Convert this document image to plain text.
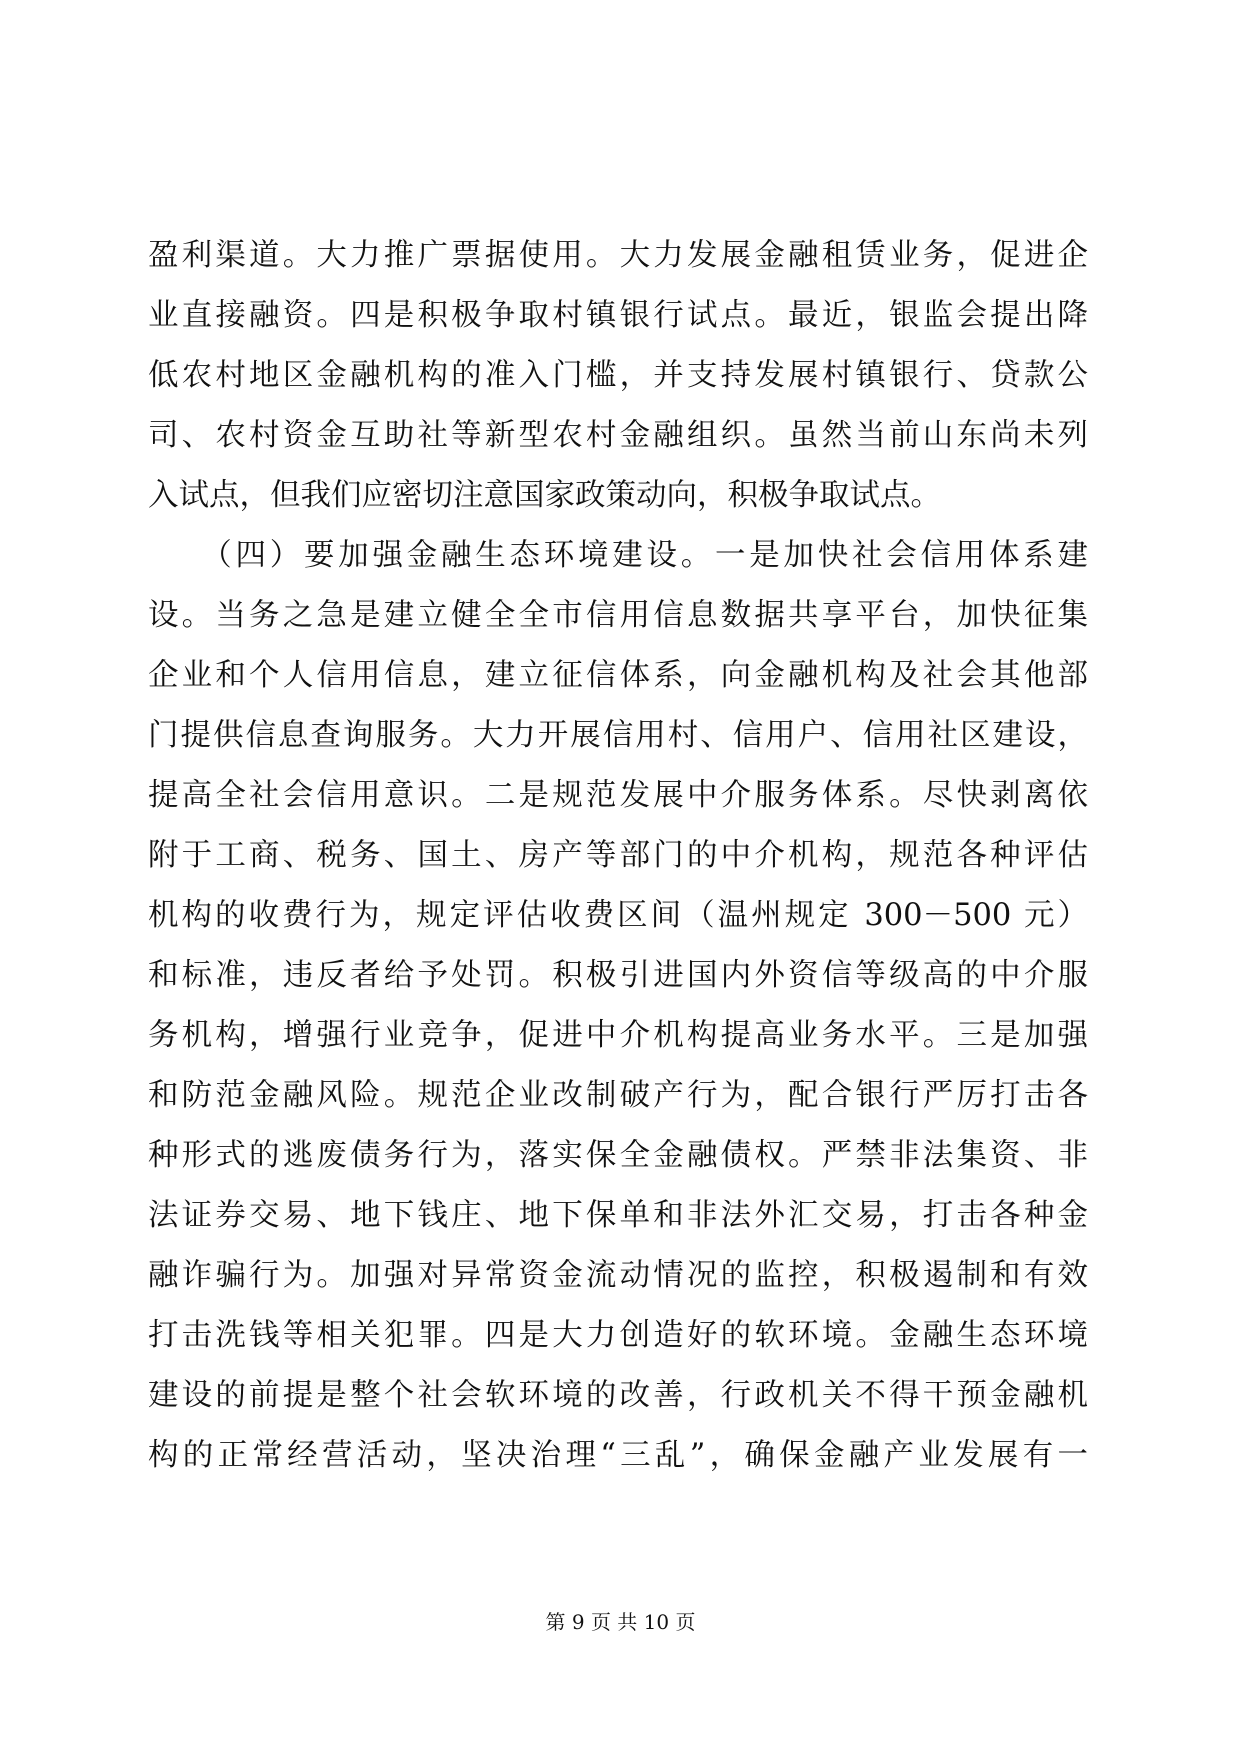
盈利渠道。大力推广票据使用。大力发展金融租赁业务，促进企
业直接融资。四是积极争取村镇银行试点。最近，银监会提出降
低农村地区金融机构的准入门槛，并支持发展村镇银行、贷款公
司、农村资金互助社等新型农村金融组织。虽然当前山东尚未列
入试点，但我们应密切注意国家政策动向，积极争取试点。
　　（四）要加强金融生态环境建设。一是加快社会信用体系建
设。当务之急是建立健全全市信用信息数据共享平台，加快征集
企业和个人信用信息，建立征信体系，向金融机构及社会其他部
门提供信息查询服务。大力开展信用村、信用户、信用社区建设，
提高全社会信用意识。二是规范发展中介服务体系。尽快剥离依
附于工商、税务、国土、房产等部门的中介机构，规范各种评估
机构的收费行为，规定评估收费区间（温州规定 300－500 元）
和标准，违反者给予处罚。积极引进国内外资信等级高的中介服
务机构，增强行业竞争，促进中介机构提高业务水平。三是加强
和防范金融风险。规范企业改制破产行为，配合银行严厉打击各
种形式的逃废债务行为，落实保全金融债权。严禁非法集资、非
法证券交易、地下钱庄、地下保单和非法外汇交易，打击各种金
融诈骗行为。加强对异常资金流动情况的监控，积极遏制和有效
打击洗钱等相关犯罪。四是大力创造好的软环境。金融生态环境
建设的前提是整个社会软环境的改善，行政机关不得干预金融机
构的正常经营活动，坚决治理“三乱”，确保金融产业发展有一
第 9 页 共 10 页
